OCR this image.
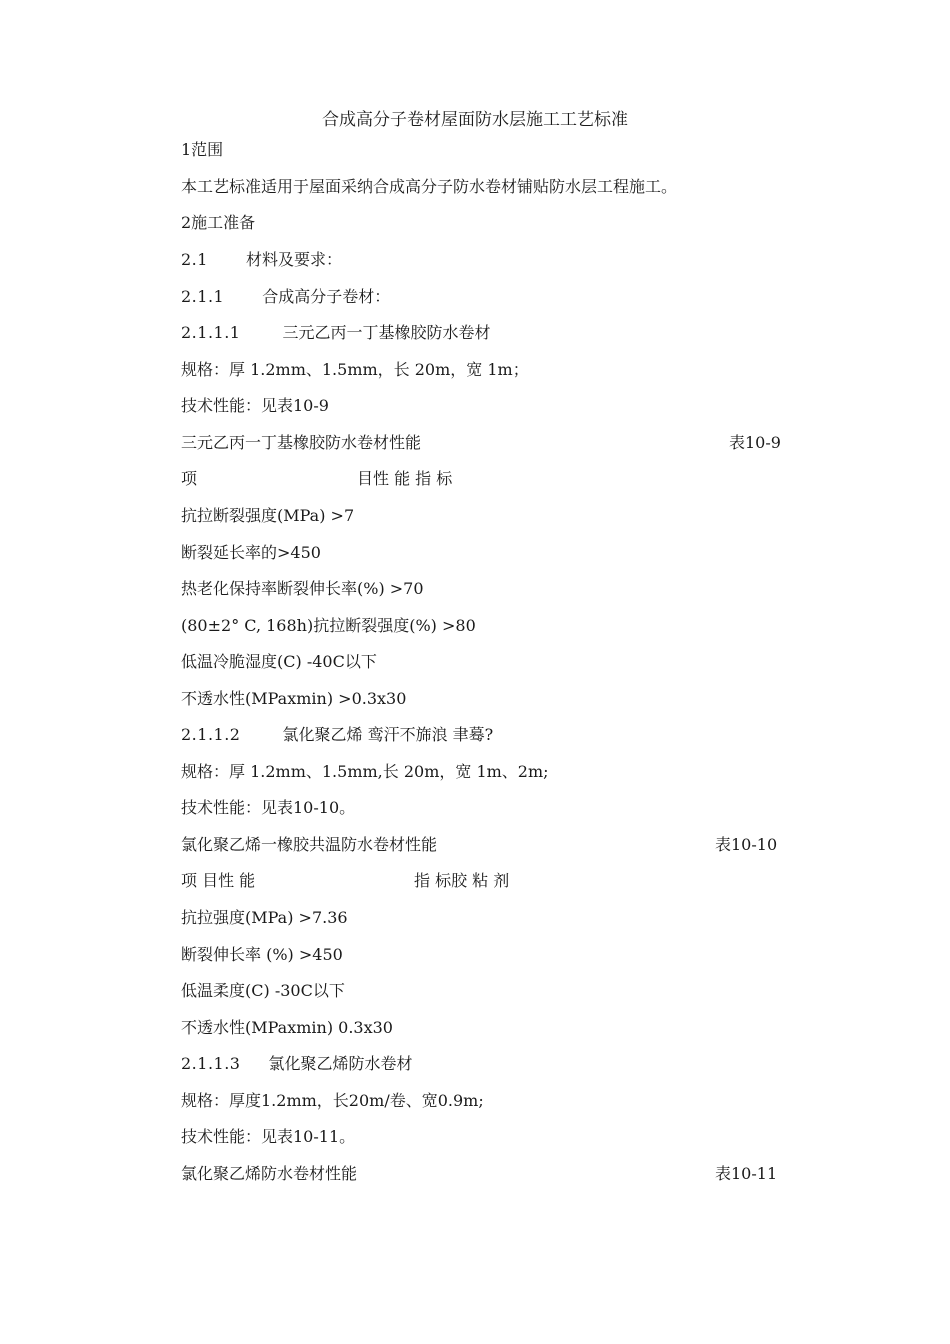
合成高分子卷材屋面防水层施工工艺标准
1范围
本工艺标准适用于屋面采纳合成高分子防水卷材铺贴防水层工程施工。
2施工准备
2.1 材料及要求：
2.1.1 合成高分子卷材：
2.1.1.1	三元乙丙一丁基橡胶防水卷材
规格：厚 1.2mm、1.5mm，长 20m，宽 1m；
技术性能：见表10-9
三元乙丙一丁基橡胶防水卷材性能	表10-9
项	目性 能 指 标
抗拉断裂强度(MPa) >7
断裂延长率的>450
热老化保持率断裂伸长率(%) >70
(80±2° C, 168h)抗拉断裂强度(%) >80
低温冷脆湿度(C) -40C以下
不透水性(MPaxmin) >0.3x30
2.1.1.2	氯化聚乙烯 鸾汗不旆浪 聿蓦?
规格：厚 1.2mm、1.5mm,长 20m，宽 1m、2m;
技术性能：见表10-10。
氯化聚乙烯一橡胶共温防水卷材性能	表10-10
项 目性 能	指 标胶 粘 剂
抗拉强度(MPa) >7.36
断裂伸长率 (%) >450
低温柔度(C) -30C以下
不透水性(MPaxmin) 0.3x30
2.1.1.3 氯化聚乙烯防水卷材
规格：厚度1.2mm，长20m/卷、宽0.9m;
技术性能：见表10-11。
氯化聚乙烯防水卷材性能	表10-11
